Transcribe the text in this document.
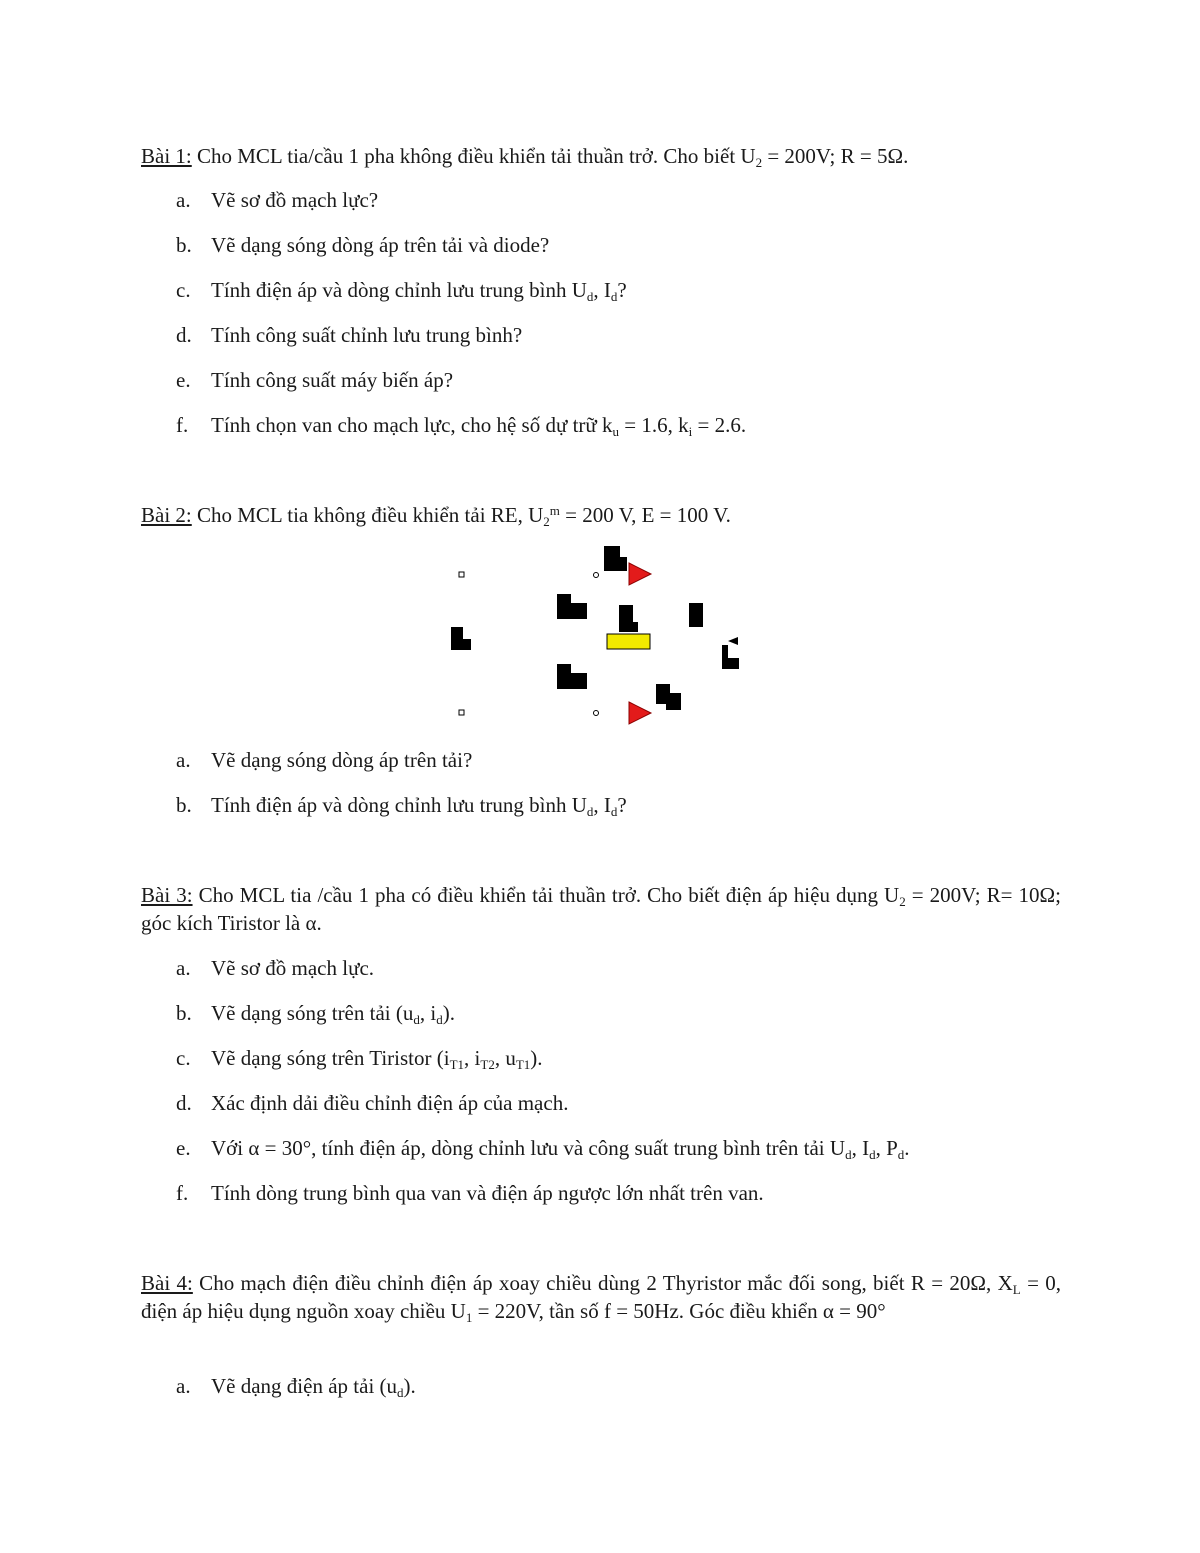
Bài 1: Cho MCL tia/cầu 1 pha không điều khiển tải thuần trở. Cho biết $U_2 = 200V$; R = 5Ω.

a. Vẽ sơ đồ mạch lực?

b. Vẽ dạng sóng dòng áp trên tải và diode?

c. Tính điện áp và dòng chỉnh lưu trung bình $U_d$, $I_d$?

d. Tính công suất chỉnh lưu trung bình?

e. Tính công suất máy biến áp?

f. Tính chọn van cho mạch lực, cho hệ số dự trữ $k_u = 1.6$, $k_i = 2.6$.

Bài 2: Cho MCL tia không điều khiển tải RE, $U_2^m = 200$ V, E = 100 V.

a. Vẽ dạng sóng dòng áp trên tải?

b. Tính điện áp và dòng chỉnh lưu trung bình $U_d$, $I_d$?

Bài 3: Cho MCL tia /cầu 1 pha có điều khiển tải thuần trở. Cho biết điện áp hiệu dụng $U_2 = 200V$; R= 10Ω; góc kích Tiristor là α.

a. Vẽ sơ đồ mạch lực.

b. Vẽ dạng sóng trên tải ($u_d$, $i_d$).

c. Vẽ dạng sóng trên Tiristor ($i_{T1}$, $i_{T2}$, $u_{T1}$).

d. Xác định dải điều chỉnh điện áp của mạch.

e. Với α = 30°, tính điện áp, dòng chỉnh lưu và công suất trung bình trên tải $U_d$, $I_d$, $P_d$.

f. Tính dòng trung bình qua van và điện áp ngược lớn nhất trên van.

Bài 4: Cho mạch điện điều chỉnh điện áp xoay chiều dùng 2 Thyristor mắc đối song, biết R = 20Ω, $X_L = 0$, điện áp hiệu dụng nguồn xoay chiều $U_1 = 220V$, tần số f = 50Hz. Góc điều khiển α = 90°

a. Vẽ dạng điện áp tải $(u_d)$.
